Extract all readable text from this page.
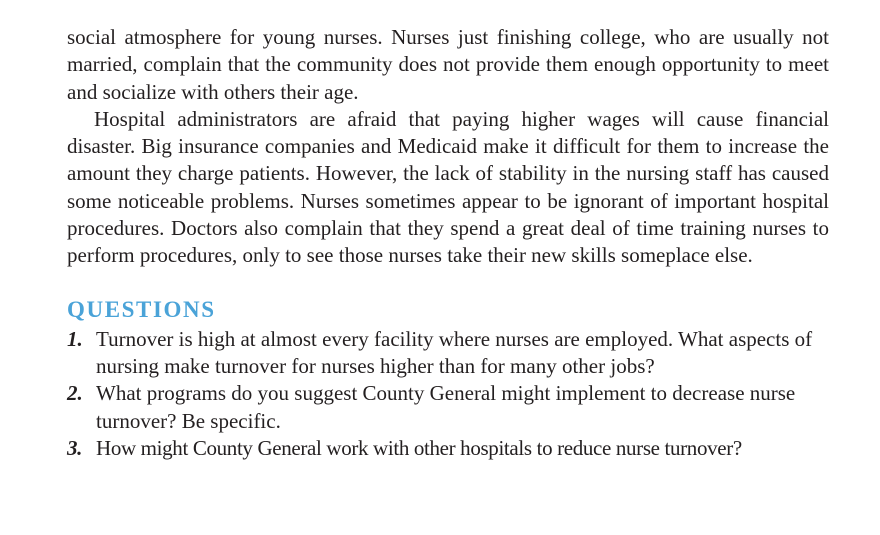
social atmosphere for young nurses. Nurses just finishing college, who are usually not married, complain that the community does not provide them enough opportunity to meet and socialize with others their age.

Hospital administrators are afraid that paying higher wages will cause financial disaster. Big insurance companies and Medicaid make it difficult for them to increase the amount they charge patients. However, the lack of stability in the nursing staff has caused some noticeable problems. Nurses sometimes appear to be ignorant of important hospital procedures. Doctors also complain that they spend a great deal of time training nurses to perform procedures, only to see those nurses take their new skills someplace else.

QUESTIONS
1. Turnover is high at almost every facility where nurses are employed. What aspects of nursing make turnover for nurses higher than for many other jobs?
2. What programs do you suggest County General might implement to decrease nurse turnover? Be specific.
3. How might County General work with other hospitals to reduce nurse turnover?
